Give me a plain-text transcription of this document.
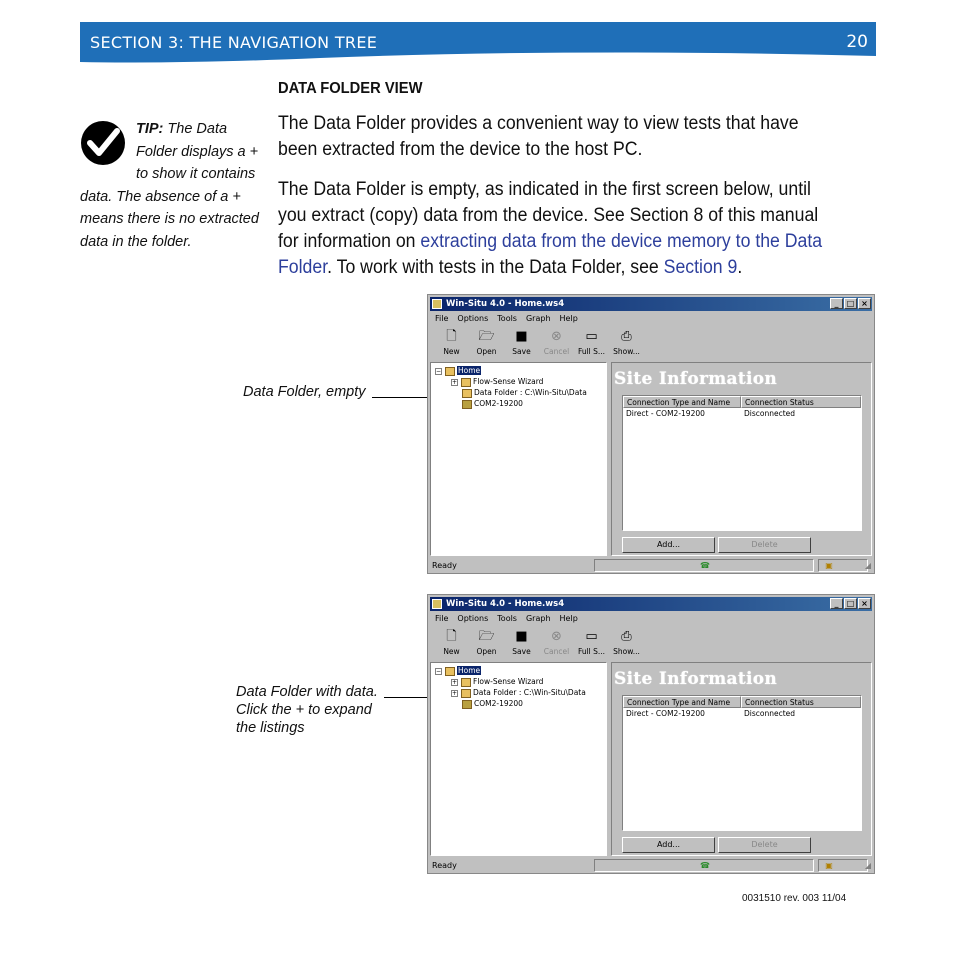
SECTION 3: THE NAVIGATION TREE	20
DATA FOLDER VIEW
TIP: The Data
Folder displays a +
to show it contains
data. The absence of a +
means there is no extracted
data in the folder.

The Data Folder provides a convenient way to view tests that have been extracted from the device to the host PC.

The Data Folder is empty, as indicated in the first screen below, until you extract (copy) data from the device. See Section 8 of this manual for information on extracting data from the device memory to the Data Folder. To work with tests in the Data Folder, see Section 9.

Data Folder, empty
Data Folder with data.
Click the + to expand
the listings
Win-Situ 4.0 - Home.ws4	_	□ ×
File Options Tools Graph Help
🗋
New
🗁
Open
■
Save
⊗
Cancel
▭
Full S...
⎙
Show...
− Home
+ Flow-Sense Wizard
Data Folder : C:\Win-Situ\Data
COM2-19200
Site Information
Connection Type and Name	Connection Status
Direct - COM2-19200	Disconnected
Add...	Delete
Ready	☎	▣	◢
Win-Situ 4.0 - Home.ws4	_	□ ×
File Options Tools Graph Help
🗋
New
🗁
Open
■
Save
⊗
Cancel
▭
Full S...
⎙
Show...
− Home
+ Flow-Sense Wizard
+ Data Folder : C:\Win-Situ\Data
COM2-19200
Site Information
Connection Type and Name	Connection Status
Direct - COM2-19200	Disconnected
Add...	Delete
Ready	☎	▣	◢
0031510 rev. 003 11/04
